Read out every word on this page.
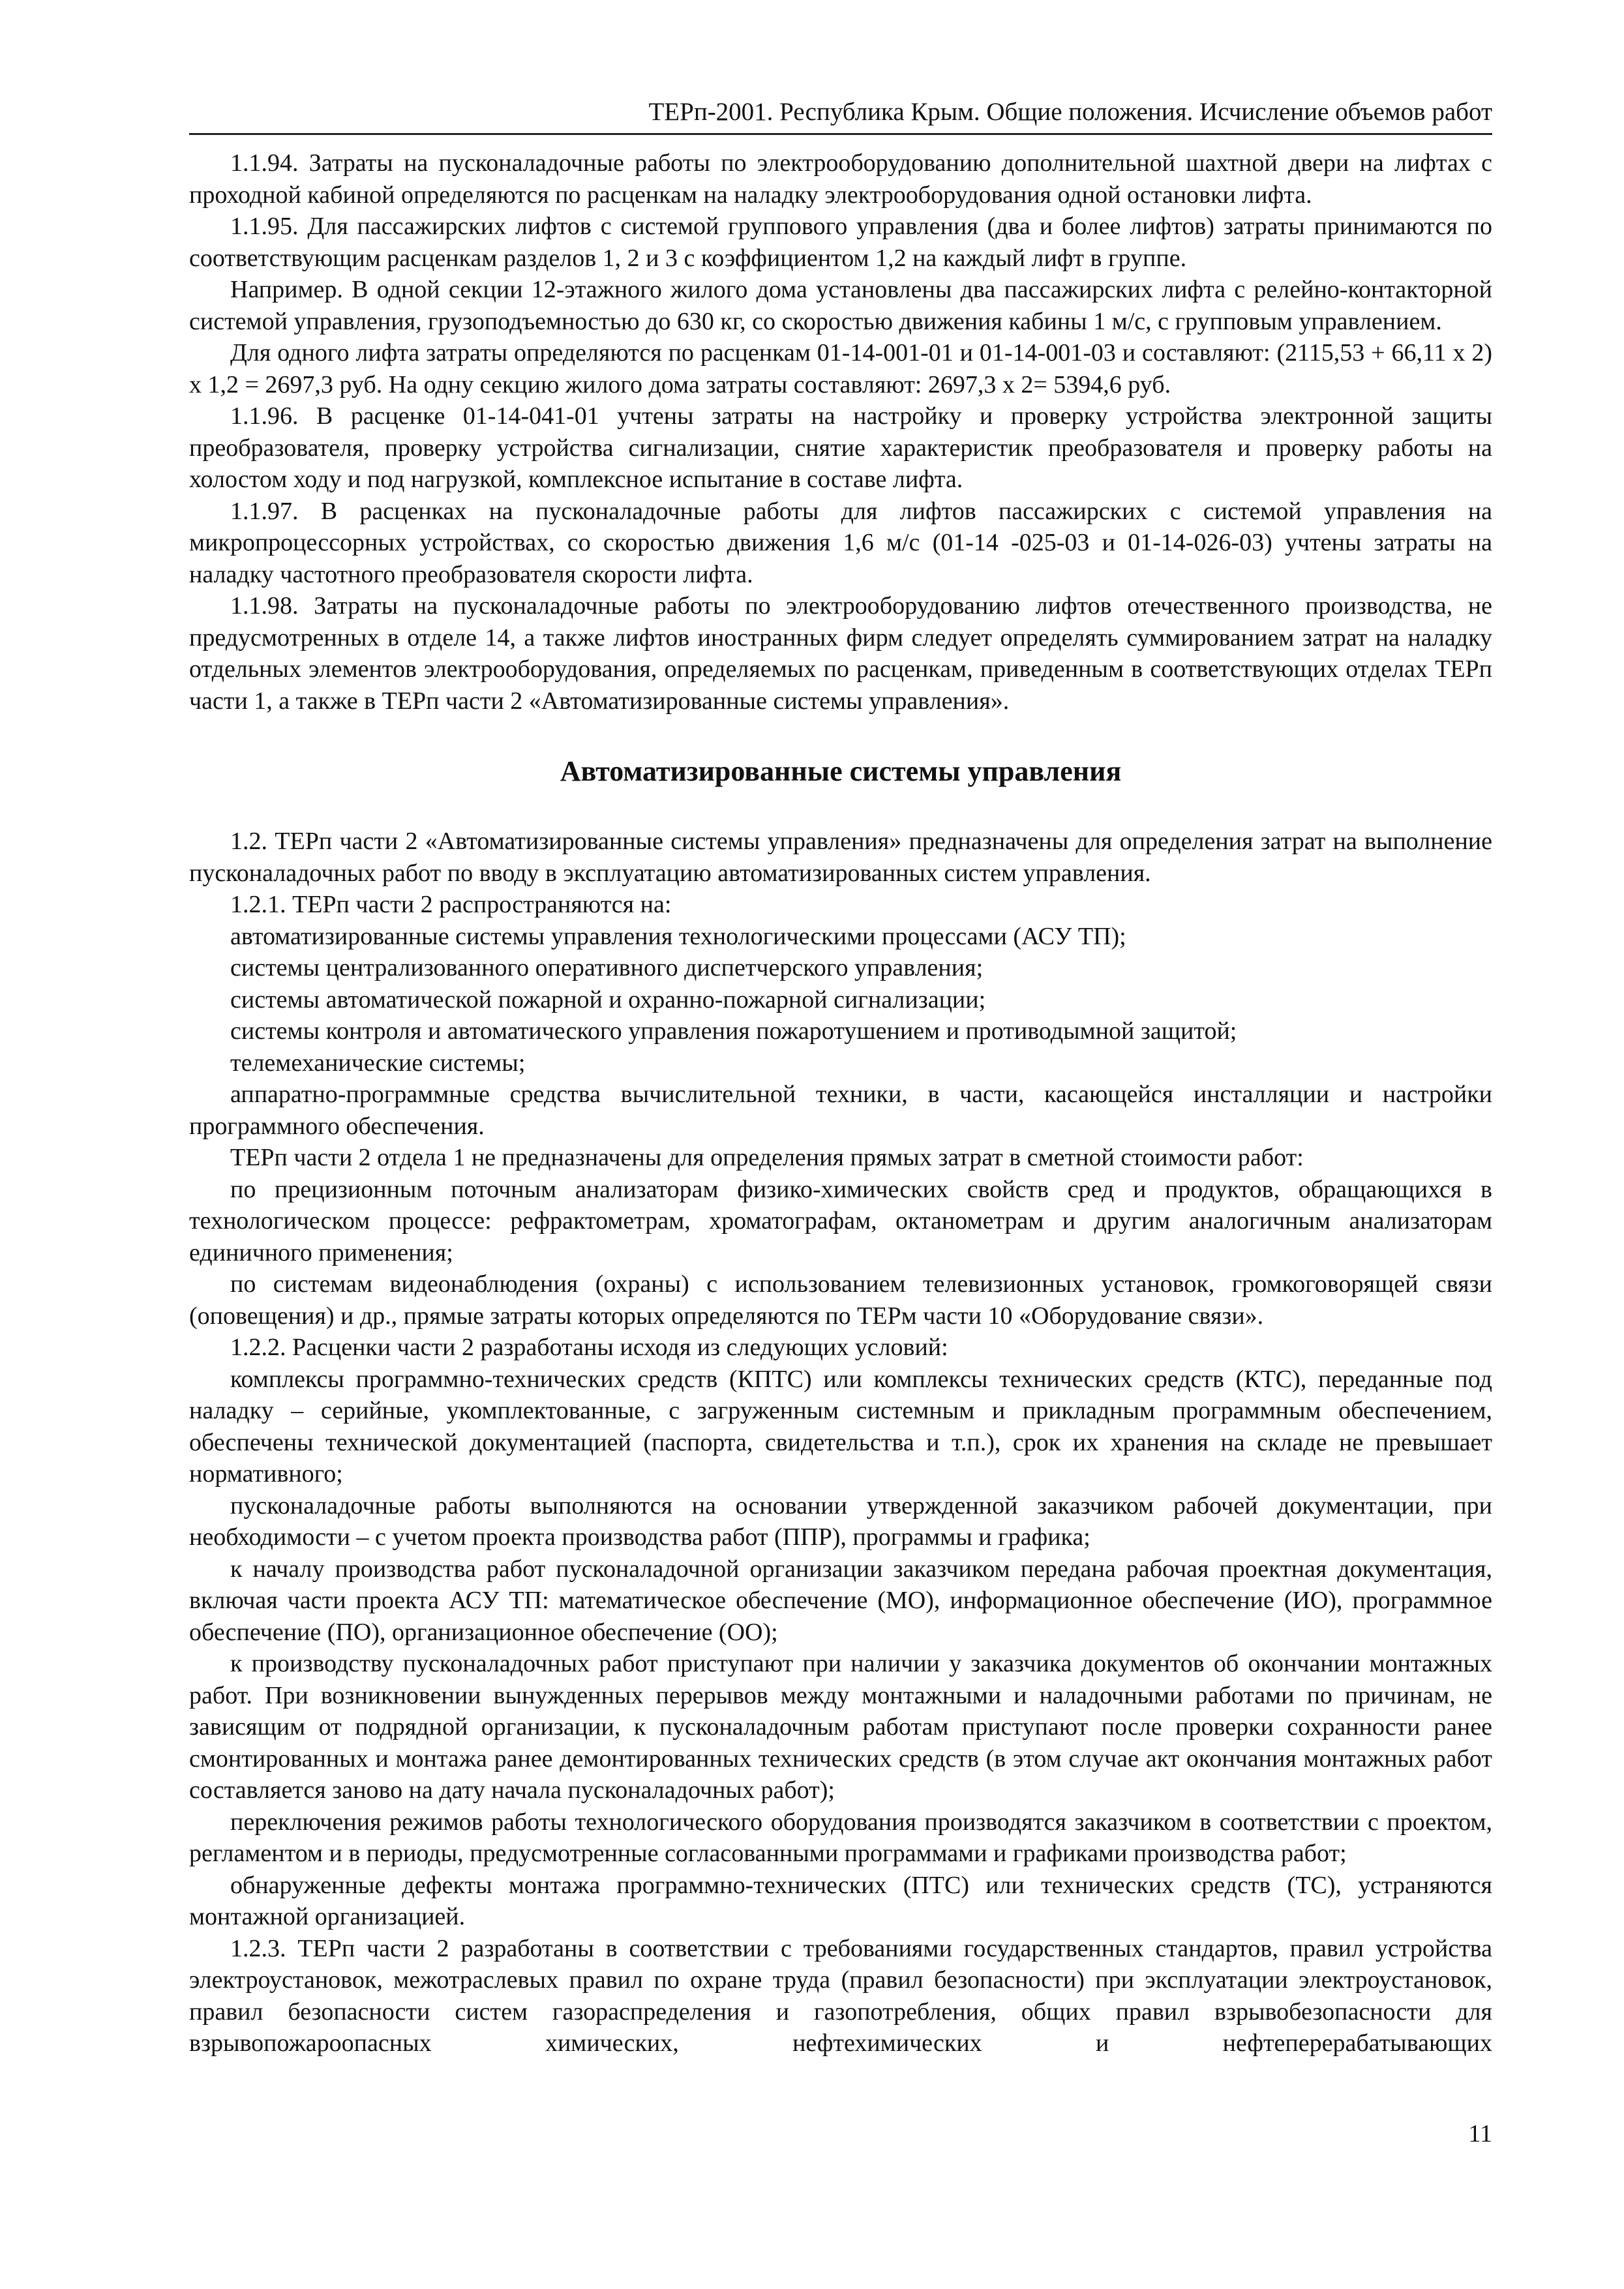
ТЕРп-2001. Республика Крым. Общие положения. Исчисление объемов работ

1.1.94. Затраты на пусконаладочные работы по электрооборудованию дополнительной шахтной двери на лифтах с проходной кабиной определяются по расценкам на наладку электрооборудования одной остановки лифта.

1.1.95. Для пассажирских лифтов с системой группового управления (два и более лифтов) затраты принимаются по соответствующим расценкам разделов 1, 2 и 3 с коэффициентом 1,2 на каждый лифт в группе.

Например. В одной секции 12-этажного жилого дома установлены два пассажирских лифта с релейно-контакторной системой управления, грузоподъемностью до 630 кг, со скоростью движения кабины 1 м/с, с групповым управлением.

Для одного лифта затраты определяются по расценкам 01-14-001-01 и 01-14-001-03 и составляют: (2115,53 + 66,11 х 2) х 1,2 = 2697,3 руб. На одну секцию жилого дома затраты составляют: 2697,3 х 2= 5394,6 руб.

1.1.96. В расценке 01-14-041-01 учтены затраты на настройку и проверку устройства электронной защиты преобразователя, проверку устройства сигнализации, снятие характеристик преобразователя и проверку работы на холостом ходу и под нагрузкой, комплексное испытание в составе лифта.

1.1.97. В расценках на пусконаладочные работы для лифтов пассажирских с системой управления на микропроцессорных устройствах, со скоростью движения 1,6 м/с (01-14 -025-03 и 01-14-026-03) учтены затраты на наладку частотного преобразователя скорости лифта.

1.1.98. Затраты на пусконаладочные работы по электрооборудованию лифтов отечественного производства, не предусмотренных в отделе 14, а также лифтов иностранных фирм следует определять суммированием затрат на наладку отдельных элементов электрооборудования, определяемых по расценкам, приведенным в соответствующих отделах ТЕРп части 1, а также в ТЕРп части 2 «Автоматизированные системы управления».

Автоматизированные системы управления

1.2. ТЕРп части 2 «Автоматизированные системы управления» предназначены для определения затрат на выполнение пусконаладочных работ по вводу в эксплуатацию автоматизированных систем управления.

1.2.1. ТЕРп части 2 распространяются на:

автоматизированные системы управления технологическими процессами (АСУ ТП);

системы централизованного оперативного диспетчерского управления;

системы автоматической пожарной и охранно-пожарной сигнализации;

системы контроля и автоматического управления пожаротушением и противодымной защитой;

телемеханические системы;

аппаратно-программные средства вычислительной техники, в части, касающейся инсталляции и настройки программного обеспечения.

ТЕРп части 2 отдела 1 не предназначены для определения прямых затрат в сметной стоимости работ:

по прецизионным поточным анализаторам физико-химических свойств сред и продуктов, обращающихся в технологическом процессе: рефрактометрам, хроматографам, октанометрам и другим аналогичным анализаторам единичного применения;

по системам видеонаблюдения (охраны) с использованием телевизионных установок, громкоговорящей связи (оповещения) и др., прямые затраты которых определяются по ТЕРм части 10 «Оборудование связи».

1.2.2. Расценки части 2 разработаны исходя из следующих условий:

комплексы программно-технических средств (КПТС) или комплексы технических средств (КТС), переданные под наладку – серийные, укомплектованные, с загруженным системным и прикладным программным обеспечением, обеспечены технической документацией (паспорта, свидетельства и т.п.), срок их хранения на складе не превышает нормативного;

пусконаладочные работы выполняются на основании утвержденной заказчиком рабочей документации, при необходимости – с учетом проекта производства работ (ППР), программы и графика;

к началу производства работ пусконаладочной организации заказчиком передана рабочая проектная документация, включая части проекта АСУ ТП: математическое обеспечение (МО), информационное обеспечение (ИО), программное обеспечение (ПО), организационное обеспечение (ОО);

к производству пусконаладочных работ приступают при наличии у заказчика документов об окончании монтажных работ. При возникновении вынужденных перерывов между монтажными и наладочными работами по причинам, не зависящим от подрядной организации, к пусконаладочным работам приступают после проверки сохранности ранее смонтированных и монтажа ранее демонтированных технических средств (в этом случае акт окончания монтажных работ составляется заново на дату начала пусконаладочных работ);

переключения режимов работы технологического оборудования производятся заказчиком в соответствии с проектом, регламентом и в периоды, предусмотренные согласованными программами и графиками производства работ;

обнаруженные дефекты монтажа программно-технических (ПТС) или технических средств (ТС), устраняются монтажной организацией.

1.2.3. ТЕРп части 2 разработаны в соответствии с требованиями государственных стандартов, правил устройства электроустановок, межотраслевых правил по охране труда (правил безопасности) при эксплуатации электроустановок, правил безопасности систем газораспределения и газопотребления, общих правил взрывобезопасности для взрывопожароопасных химических, нефтехимических и нефтеперерабатывающих

11
